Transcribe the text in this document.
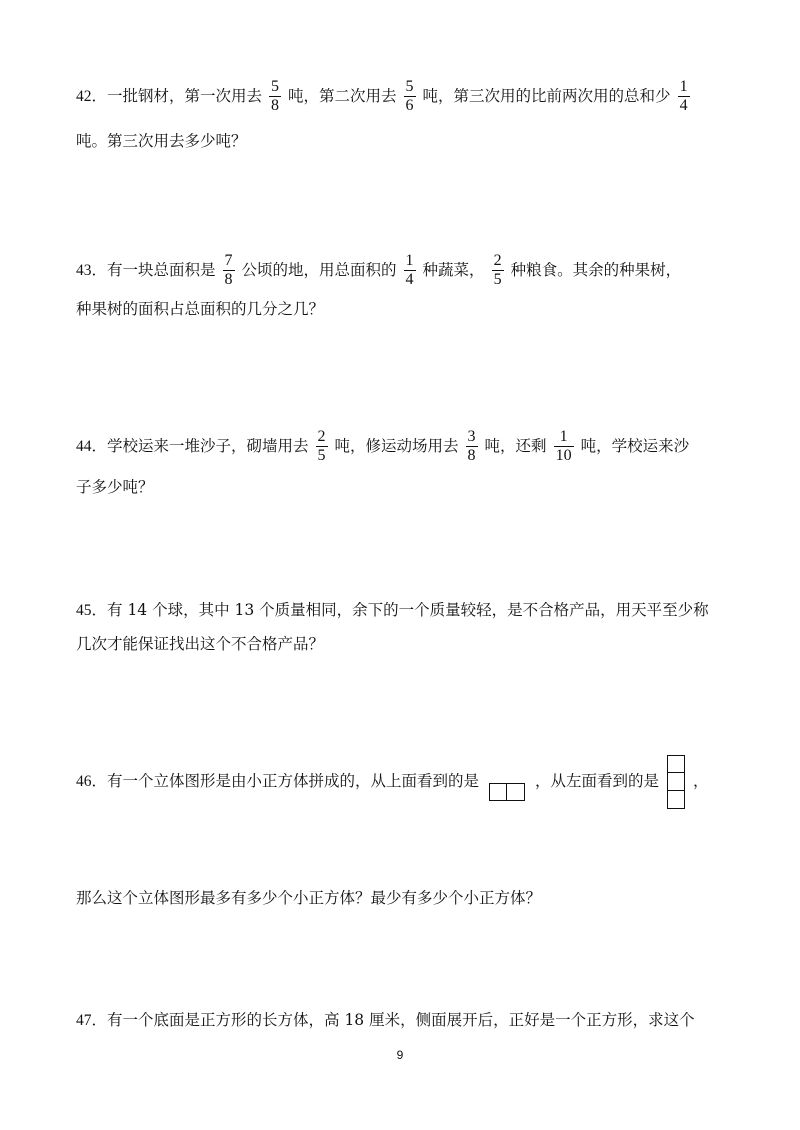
42． 一批钢材，第一次用去 $\frac{5}{8}$ 吨，第二次用去 $\frac{5}{6}$ 吨，第三次用的比前两次用的总和少 $\frac{1}{4}$
吨。第三次用去多少吨？
43． 有一块总面积是 $\frac{7}{8}$ 公顷的地，用总面积的 $\frac{1}{4}$ 种蔬菜， $\frac{2}{5}$ 种粮食。其余的种果树，
种果树的面积占总面积的几分之几？
44． 学校运来一堆沙子，砌墙用去 $\frac{2}{5}$ 吨，修运动场用去 $\frac{3}{8}$ 吨，还剩 $\frac{1}{10}$ 吨，学校运来沙
子多少吨？
45． 有 14 个球，其中 13 个质量相同，余下的一个质量较轻，是不合格产品，用天平至少称
几次才能保证找出这个不合格产品？
46． 有一个立体图形是由小正方体拼成的，从上面看到的是	，从左面看到的是 ，
那么这个立体图形最多有多少个小正方体？最少有多少个小正方体？
47． 有一个底面是正方形的长方体，高 18 厘米，侧面展开后，正好是一个正方形，求这个
9
